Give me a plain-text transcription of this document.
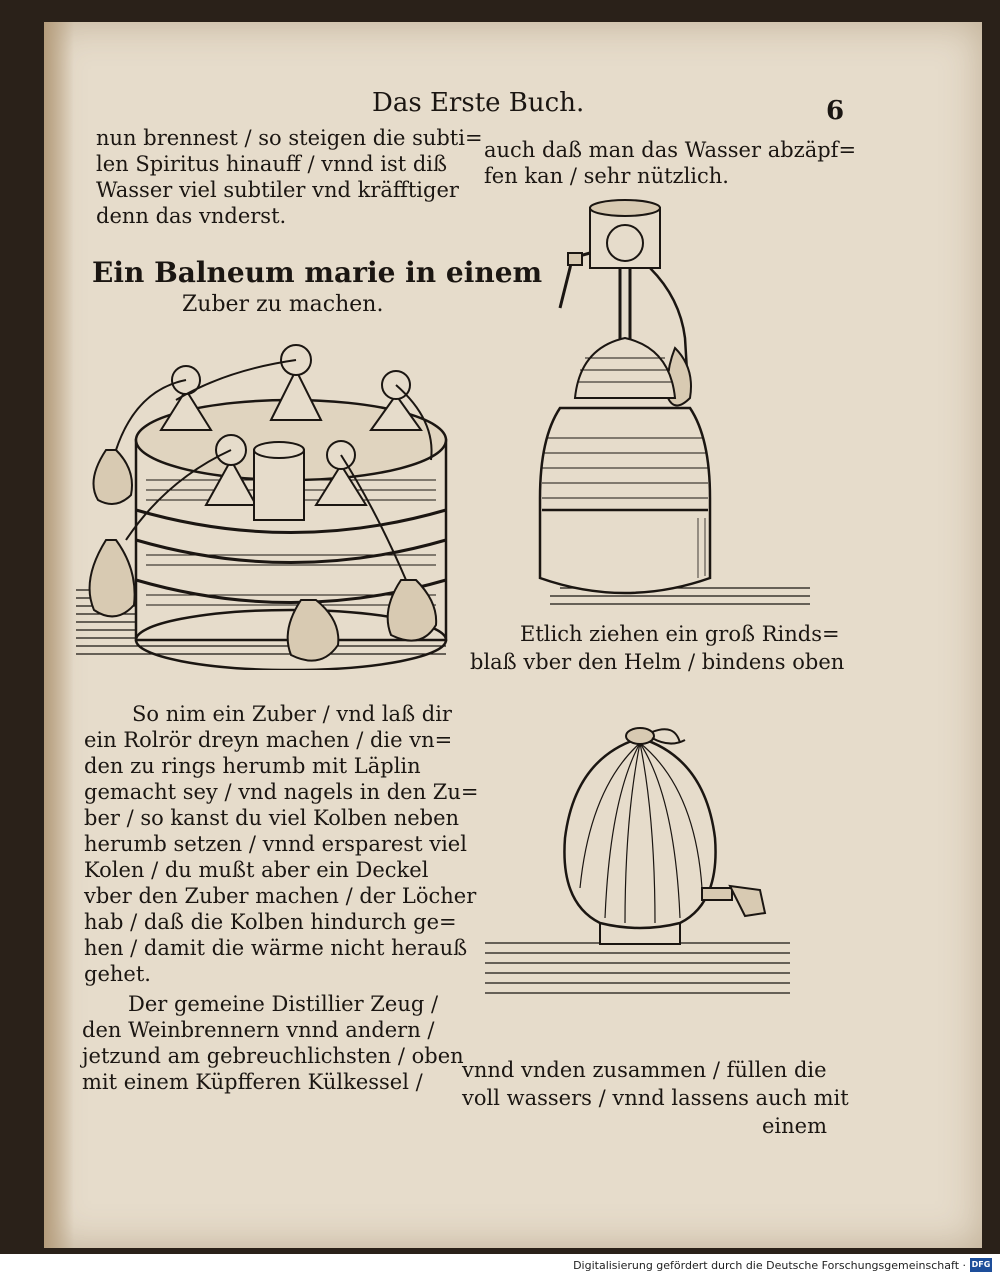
Das Erste Buch.	6
nun brennest / so steigen die subti=
len Spiritus hinauff / vnnd ist diß
Wasser viel subtiler vnd kräfftiger
denn das vnderst.
Ein Balneum marie in einem
Zuber zu machen.
So nim ein Zuber / vnd laß dir
ein Rolrör dreyn machen / die vn=
den zu rings herumb mit Läplin
gemacht sey / vnd nagels in den Zu=
ber / so kanst du viel Kolben neben
herumb setzen / vnnd ersparest viel
Kolen / du mußt aber ein Deckel
vber den Zuber machen / der Löcher
hab / daß die Kolben hindurch ge=
hen / damit die wärme nicht herauß
gehet.
Der gemeine Distillier Zeug /
den Weinbrennern vnnd andern /
jetzund am gebreuchlichsten / oben
mit einem Küpfferen Külkessel /
auch daß man das Wasser abzäpf=
fen kan / sehr nützlich.
Etlich ziehen ein groß Rinds=
blaß vber den Helm / bindens oben
vnnd vnden zusammen / füllen die
voll wassers / vnnd lassens auch mit
einem
Digitalisierung gefördert durch die Deutsche Forschungsgemeinschaft · DFG
